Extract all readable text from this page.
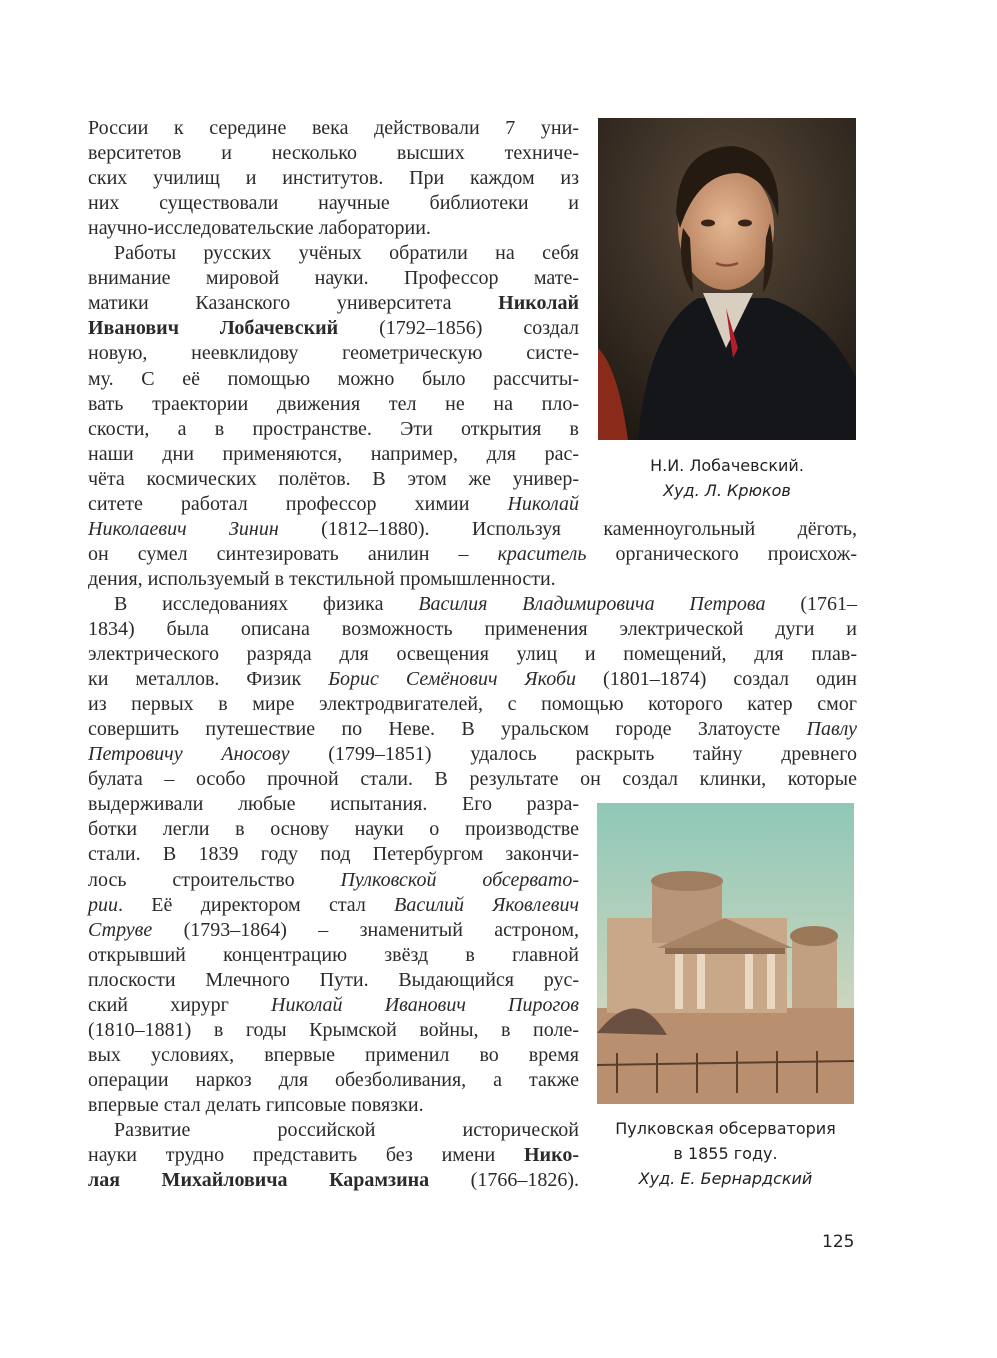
России к середине века действовали 7 уни-
верситетов и несколько высших техниче-
ских училищ и институтов. При каждом из
них существовали научные библиотеки и
научно-исследовательские лаборатории.
Работы русских учёных обратили на себя
внимание мировой науки. Профессор мате-
матики Казанского университета Николай
Иванович Лобачевский (1792–1856) создал
новую, неевклидову геометрическую систе-
му. С её помощью можно было рассчиты-
вать траектории движения тел не на пло-
скости, а в пространстве. Эти открытия в
наши дни применяются, например, для рас-
чёта космических полётов. В этом же универ-
ситете работал профессор химии Николай
Николаевич Зинин (1812–1880). Используя каменноугольный дёготь,
он сумел синтезировать анилин – краситель органического происхож-
дения, используемый в текстильной промышленности.
В исследованиях физика Василия Владимировича Петрова (1761–
1834) была описана возможность применения электрической дуги и
электрического разряда для освещения улиц и помещений, для плав-
ки металлов. Физик Борис Семёнович Якоби (1801–1874) создал один
из первых в мире электродвигателей, с помощью которого катер смог
совершить путешествие по Неве. В уральском городе Златоусте Павлу
Петровичу Аносову (1799–1851) удалось раскрыть тайну древнего
булата – особо прочной стали. В результате он создал клинки, которые
выдерживали любые испытания. Его разра-
ботки легли в основу науки о производстве
стали. В 1839 году под Петербургом закончи-
лось строительство Пулковской обсервато-
рии. Её директором стал Василий Яковлевич
Струве (1793–1864) – знаменитый астроном,
открывший концентрацию звёзд в главной
плоскости Млечного Пути. Выдающийся рус-
ский хирург Николай Иванович Пирогов
(1810–1881) в годы Крымской войны, в поле-
вых условиях, впервые применил во время
операции наркоз для обезболивания, а также
впервые стал делать гипсовые повязки.
Развитие российской исторической
науки трудно представить без имени Нико-
лая Михайловича Карамзина (1766–1826).
Н.И. Лобачевский.
Худ. Л. Крюков
Пулковская обсерватория
в 1855 году.
Худ. Е. Бернардский
125
